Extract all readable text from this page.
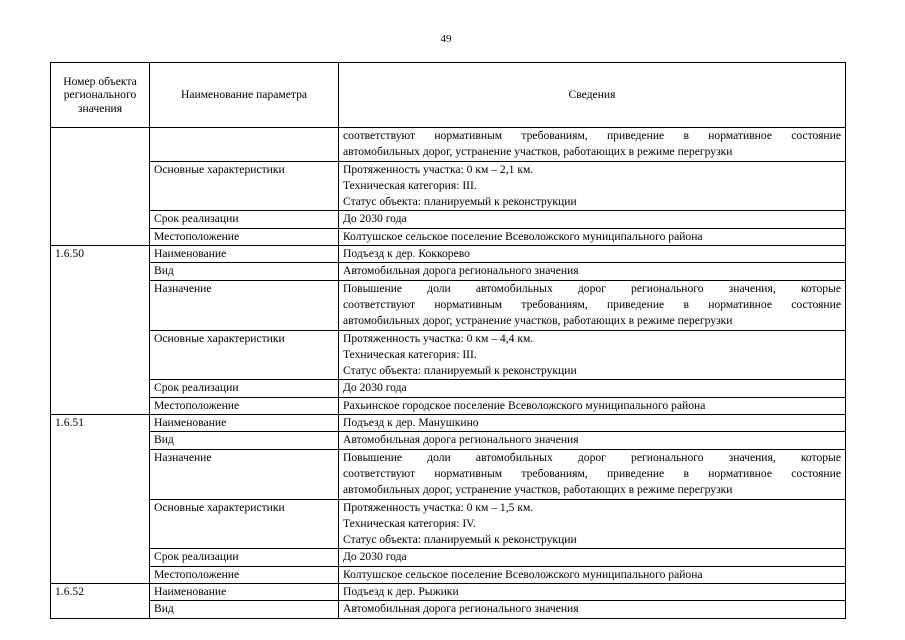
49
Номер объекта регионального значения	Наименование параметра	Сведения

		соответствуют нормативным требованиям, приведение в нормативное состояние
автомобильных дорог, устранение участков, работающих в режиме перегрузки

	Основные характеристики	Протяженность участка: 0 км – 2,1 км.
Техническая категория: III.
Статус объекта: планируемый к реконструкции

	Срок реализации	До 2030 года
	Местоположение	Колтушское сельское поселение Всеволожского муниципального района
1.6.50	Наименование	Подъезд к дер. Коккорево
	Вид	Автомобильная дорога регионального значения
	Назначение	Повышение доли автомобильных дорог регионального значения, которые
соответствуют нормативным требованиям, приведение в нормативное состояние
автомобильных дорог, устранение участков, работающих в режиме перегрузки

	Основные характеристики	Протяженность участка: 0 км – 4,4 км.
Техническая категория: III.
Статус объекта: планируемый к реконструкции

	Срок реализации	До 2030 года
	Местоположение	Рахьинское городское поселение Всеволожского муниципального района
1.6.51	Наименование	Подъезд к дер. Манушкино
	Вид	Автомобильная дорога регионального значения
	Назначение	Повышение доли автомобильных дорог регионального значения, которые
соответствуют нормативным требованиям, приведение в нормативное состояние
автомобильных дорог, устранение участков, работающих в режиме перегрузки

	Основные характеристики	Протяженность участка: 0 км – 1,5 км.
Техническая категория: IV.
Статус объекта: планируемый к реконструкции

	Срок реализации	До 2030 года
	Местоположение	Колтушское сельское поселение Всеволожского муниципального района
1.6.52	Наименование	Подъезд к дер. Рыжики
	Вид	Автомобильная дорога регионального значения
